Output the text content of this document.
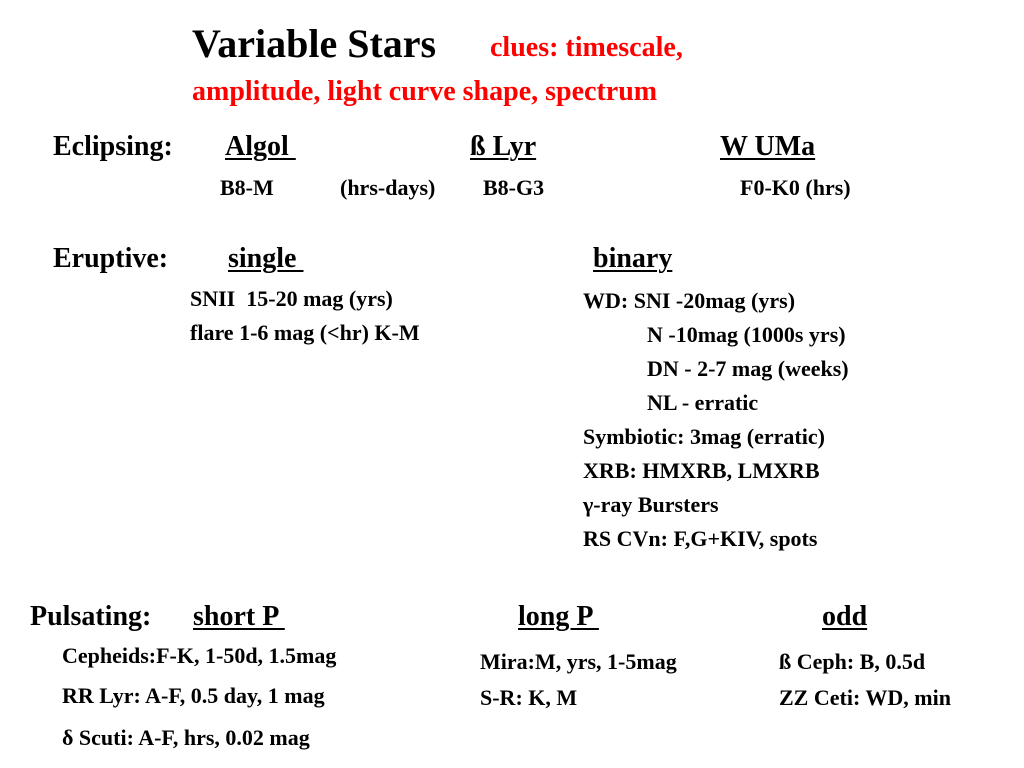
Variable Stars clues: timescale,
amplitude, light curve shape, spectrum
Eclipsing: Algol	ß Lyr	W UMa
B8-M	(hrs-days) B8-G3	F0-K0 (hrs)
Eruptive: single	binary
SNII  15-20 mag (yrs)
flare 1-6 mag (<hr) K-M
WD: SNI -20mag (yrs)
N -10mag (1000s yrs)
DN - 2-7 mag (weeks)
NL - erratic
Symbiotic: 3mag (erratic)
XRB: HMXRB, LMXRB
γ-ray Bursters
RS CVn: F,G+KIV, spots
Pulsating: short P	long P	odd
Cepheids:F-K, 1-50d, 1.5mag
RR Lyr: A-F, 0.5 day, 1 mag
δ Scuti: A-F, hrs, 0.02 mag
Mira:M, yrs, 1-5mag
S-R: K, M
ß Ceph: B, 0.5d
ZZ Ceti: WD, min
